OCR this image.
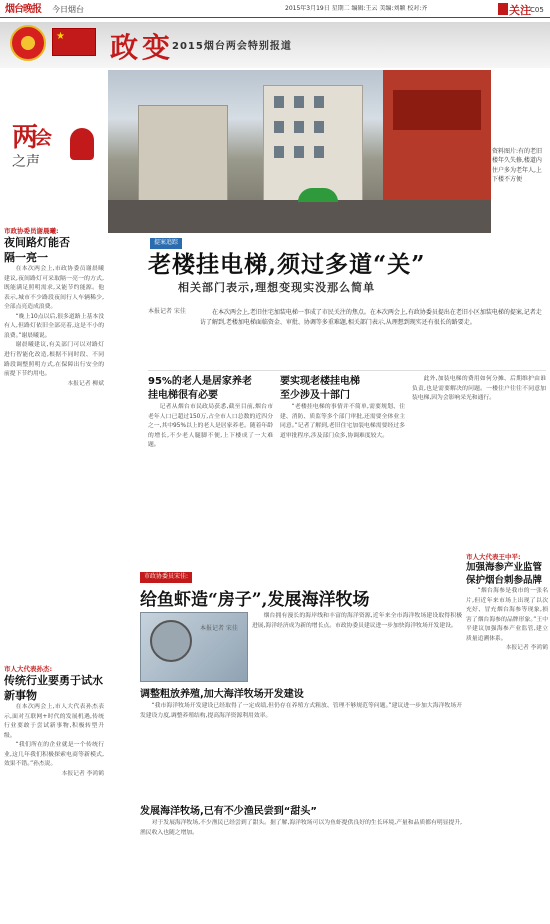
烟台晚报 今日烟台	2015年3月19日 星期二 编辑:王云 美编:刘颖 校对:齐	关注 C05
★ 政变
2015烟台两会特别报道
两
会
之声
资料图片:有的老旧楼年久失修,楼道内住户多为老年人,上下楼不方便
提案追踪
老楼挂电梯,须过多道“关”
相关部门表示,理想变现实没那么简单
本报记者 宋佳	在本次两会上,老旧住宅加装电梯一事成了市民关注的焦点。在本次两会上,有政协委员提出在老旧小区加装电梯的提案,记者走访了解到,老楼加电梯面临资金、审批、协调等多重难题,相关部门表示,从理想到现实还有很长的路要走。
市政协委员谢晨曦:
夜间路灯能否
隔一亮一

在本次两会上,市政协委员谢晨曦建议,夜间路灯可采取隔一亮一的方式,既能满足照明需求,又能节约能源。他表示,城市不少路段夜间行人车辆稀少,全部点亮造成浪费。

“晚上10点以后,很多道路上基本没有人,但路灯依旧全部亮着,这是不小的浪费。”谢晨曦说。

谢晨曦建议,有关部门可以对路灯进行智能化改造,根据不同时段、不同路段调整照明方式,在保障出行安全的前提下节约用电。

本报记者 柳斌
市人大代表孙杰:
传统行业要勇于试水新事物

在本次两会上,市人大代表孙杰表示,面对互联网+时代的发展机遇,传统行业要敢于尝试新事物,积极转型升级。

“我们所在的企业就是一个传统行业,这几年我们积极探索电商等新模式,效果不错。”孙杰说。

本报记者 李鸿鹤
95%的老人是居家养老
挂电梯很有必要

记者从烟台市民政局获悉,截至目前,烟台市老年人口已超过150万,占全市人口总数的近四分之一,其中95%以上的老人是居家养老。随着年龄的增长,不少老人腿脚不便,上下楼成了一大难题。

要实现老楼挂电梯
至少涉及十部门

“老楼挂电梯的事情并不简单,需要规划、住建、消防、质监等多个部门审批,还需要全体业主同意。”记者了解到,老旧住宅加装电梯需要经过多道审批程序,涉及部门众多,协调难度较大。

此外,加装电梯的费用如何分摊、后期维护由谁负责,也是需要解决的问题。一楼住户往往不同意加装电梯,因为会影响采光和通行。

市政协委员宋佳:
给鱼虾造“房子”,发展海洋牧场
本报记者 宋佳

烟台拥有漫长的海岸线和丰富的海洋资源,近年来全市海洋牧场建设取得积极进展,海洋经济成为新的增长点。市政协委员建议进一步加快海洋牧场开发建设。

调整粗放养殖,加大海洋牧场开发建设

“我市海洋牧场开发建设已经取得了一定成绩,但仍存在养殖方式粗放、管理不够规范等问题。”建议进一步加大海洋牧场开发建设力度,调整养殖结构,提高海洋资源利用效率。

发展海洋牧场,已有不少渔民尝到“甜头”

对于发展海洋牧场,不少渔民已经尝到了甜头。据了解,海洋牧场可以为鱼虾提供良好的生长环境,产量和品质都有明显提升,渔民收入也随之增加。

市人大代表王中平:
加强海参产业监管保护烟台刺参品牌

“烟台海参是我市的一张名片,但近年来市场上出现了以次充好、冒充烟台海参等现象,损害了烟台海参的品牌形象。”王中平建议加强海参产业监管,建立质量追溯体系。

本报记者 李鸿鹤
